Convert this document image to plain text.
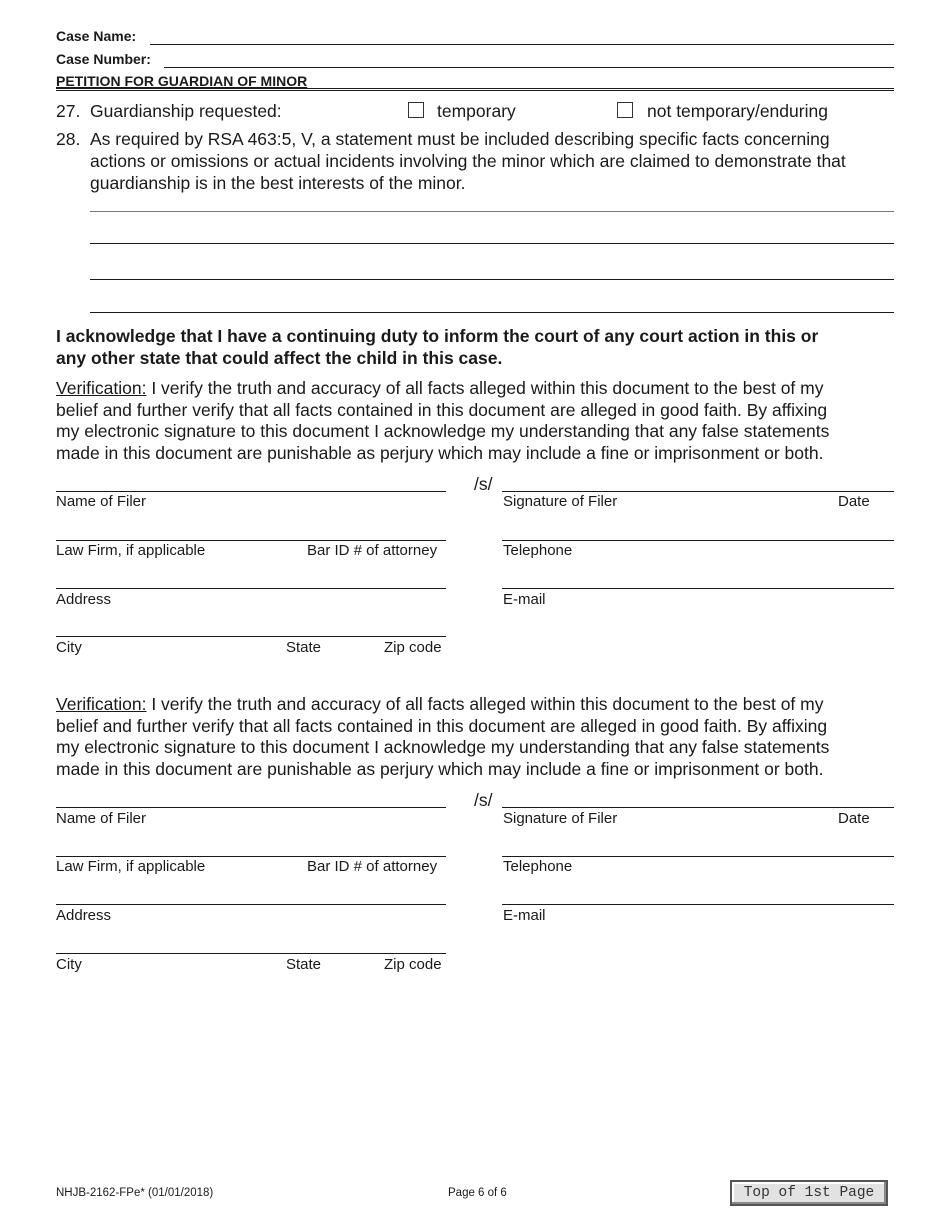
Case Name:
Case Number:
PETITION FOR GUARDIAN OF MINOR
27. Guardianship requested:	temporary	not temporary/enduring
28. As required by RSA 463:5, V, a statement must be included describing specific facts concerning
actions or omissions or actual incidents involving the minor which are claimed to demonstrate that
guardianship is in the best interests of the minor.
I acknowledge that I have a continuing duty to inform the court of any court action in this or
any other state that could affect the child in this case.
Verification: I verify the truth and accuracy of all facts alleged within this document to the best of my
belief and further verify that all facts contained in this document are alleged in good faith. By affixing
my electronic signature to this document I acknowledge my understanding that any false statements
made in this document are punishable as perjury which may include a fine or imprisonment or both.
/s/
Name of Filer	Signature of Filer	Date
Law Firm, if applicable	Bar ID # of attorney	Telephone
Address	E-mail
City	State	Zip code
Verification: I verify the truth and accuracy of all facts alleged within this document to the best of my
belief and further verify that all facts contained in this document are alleged in good faith. By affixing
my electronic signature to this document I acknowledge my understanding that any false statements
made in this document are punishable as perjury which may include a fine or imprisonment or both.
/s/
Name of Filer	Signature of Filer	Date
Law Firm, if applicable	Bar ID # of attorney	Telephone
Address	E-mail
City	State	Zip code
NHJB-2162-FPe* (01/01/2018)	Page 6 of 6	Top of 1st Page
